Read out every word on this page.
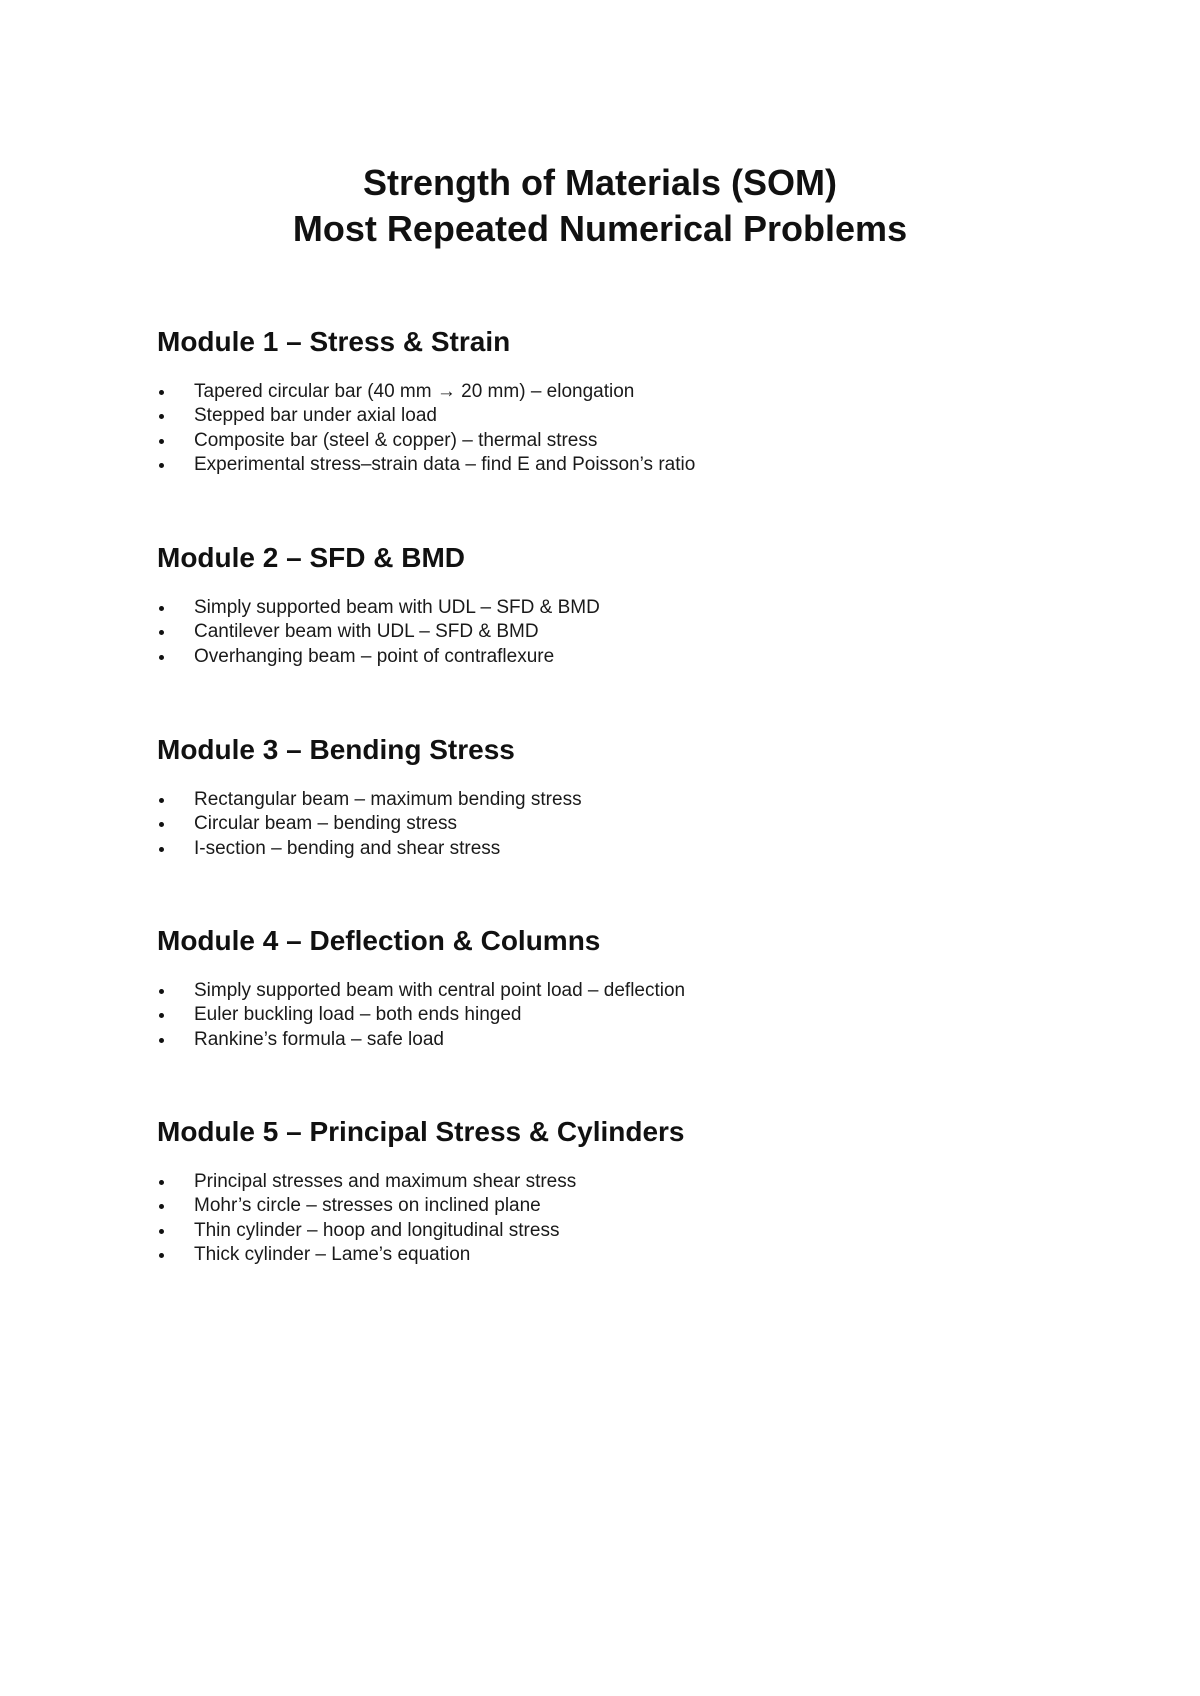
Strength of Materials (SOM)
Most Repeated Numerical Problems
Module 1 – Stress & Strain
Tapered circular bar (40 mm → 20 mm) – elongation
Stepped bar under axial load
Composite bar (steel & copper) – thermal stress
Experimental stress–strain data – find E and Poisson’s ratio
Module 2 – SFD & BMD
Simply supported beam with UDL – SFD & BMD
Cantilever beam with UDL – SFD & BMD
Overhanging beam – point of contraflexure
Module 3 – Bending Stress
Rectangular beam – maximum bending stress
Circular beam – bending stress
I-section – bending and shear stress
Module 4 – Deflection & Columns
Simply supported beam with central point load – deflection
Euler buckling load – both ends hinged
Rankine’s formula – safe load
Module 5 – Principal Stress & Cylinders
Principal stresses and maximum shear stress
Mohr’s circle – stresses on inclined plane
Thin cylinder – hoop and longitudinal stress
Thick cylinder – Lame’s equation
